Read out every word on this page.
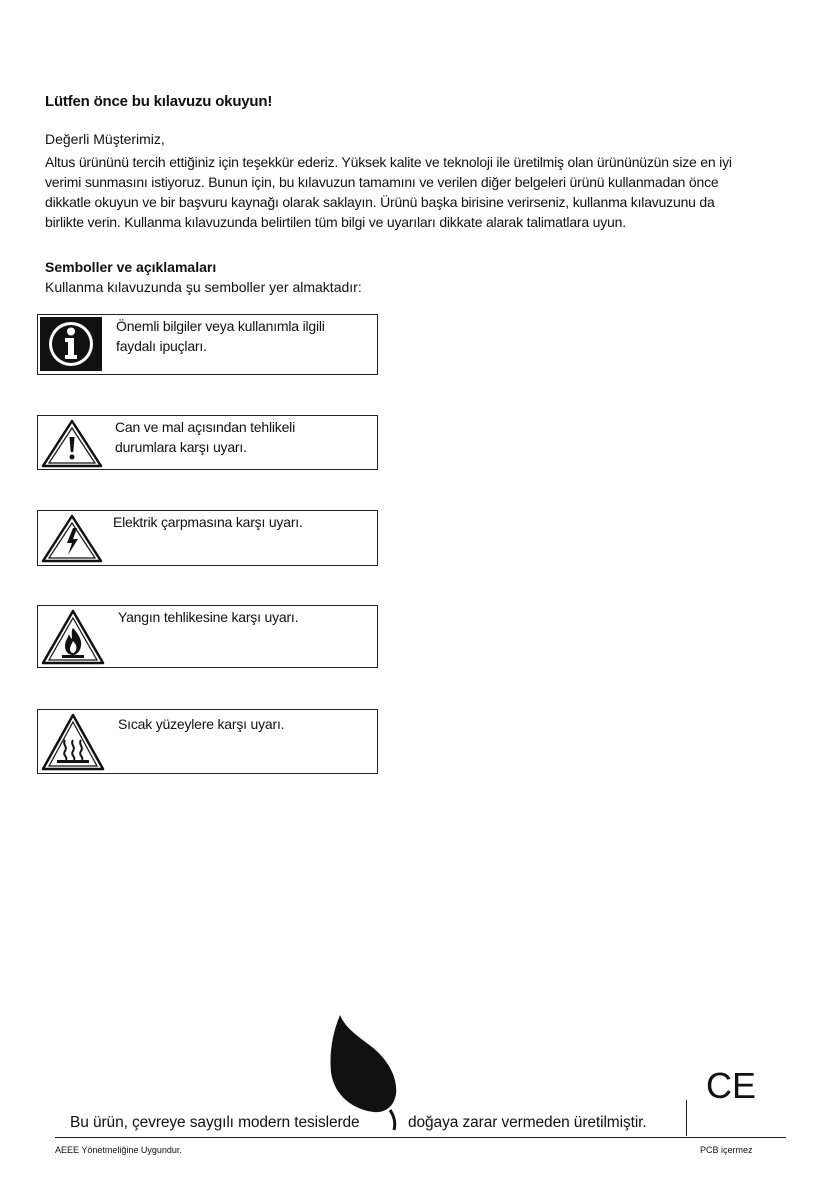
Lütfen önce bu kılavuzu okuyun!
Değerli Müşterimiz,
Altus ürününü tercih ettiğiniz için teşekkür ederiz. Yüksek kalite ve teknoloji ile üretilmiş olan ürününüzün size en iyi
verimi sunmasını istiyoruz. Bunun için, bu kılavuzun tamamını ve verilen diğer belgeleri ürünü kullanmadan önce
dikkatle okuyun ve bir başvuru kaynağı olarak saklayın. Ürünü başka birisine verirseniz, kullanma kılavuzunu da
birlikte verin. Kullanma kılavuzunda belirtilen tüm bilgi ve uyarıları dikkate alarak talimatlara uyun.
Semboller ve açıklamaları
Kullanma kılavuzunda şu semboller yer almaktadır:
Önemli bilgiler veya kullanımla ilgili
faydalı ipuçları.
Can ve mal açısından tehlikeli
durumlara karşı uyarı.
Elektrik çarpmasına karşı uyarı.
Yangın tehlikesine karşı uyarı.
Sıcak yüzeylere karşı uyarı.
Bu ürün, çevreye saygılı modern tesislerde	doğaya zarar vermeden üretilmiştir.
CE
AEEE Yönetmeliğine Uygundur.	PCB içermez
